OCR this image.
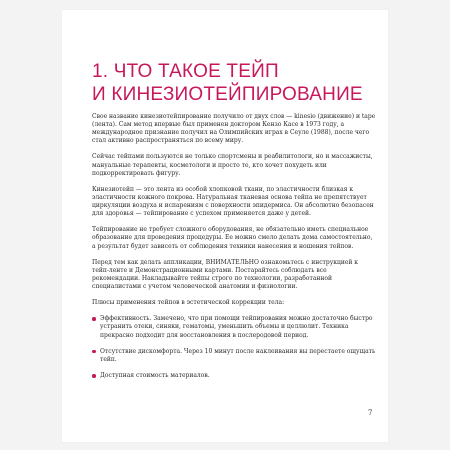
1. ЧТО ТАКОЕ ТЕЙП
И КИНЕЗИОТЕЙПИРОВАНИЕ

Свое название кинезиотейпирование получило от двух слов — kinesio (движение) и tape (лента). Сам метод впервые был применен доктором Кензо Касе в 1973 году, а международное признание получил на Олимпийских играх в Сеуле (1988), после чего стал активно распространяться по всему миру.

Сейчас тейпами пользуются не только спортсмены и реабилитологи, но и массажисты, мануальные терапевты, косметологи и просто те, кто хочет похудеть или подкорректировать фигуру.

Кинезиотейп — это лента из особой хлопковой ткани, по эластичности близкая к эластичности кожного покрова. Натуральная тканевая основа тейпа не препятствует циркуляции воздуха и испарениям с поверхности эпидермиса. Он абсолютно безопасен для здоровья — тейпирование с успехом применяется даже у детей.

Тейпирование не требует сложного оборудования, не обязательно иметь специальное образование для проведения процедуры. Ее можно смело делать дома самостоятельно, а результат будет зависеть от соблюдения техники нанесения и ношения тейпов.

Перед тем как делать аппликации, ВНИМАТЕЛЬНО ознакомьтесь с инструкцией к тейп-ленте и Демонстрационными картами. Постарайтесь соблюдать все рекомендации. Накладывайте тейпы строго по технологии, разработанной специалистами с учетом человеческой анатомии и физиологии.

Плюсы применения тейпов в эстетической коррекции тела:

Эффективность. Замечено, что при помощи тейпирования можно достаточно быстро устранить отеки, синяки, гематомы, уменьшить объемы и целлюлит. Техника прекрасно подходит для восстановления в послеродовой период.
Отсутствие дискомфорта. Через 10 минут после наклеивания вы перестаете ощущать тейп.
Доступная стоимость материалов.
7
